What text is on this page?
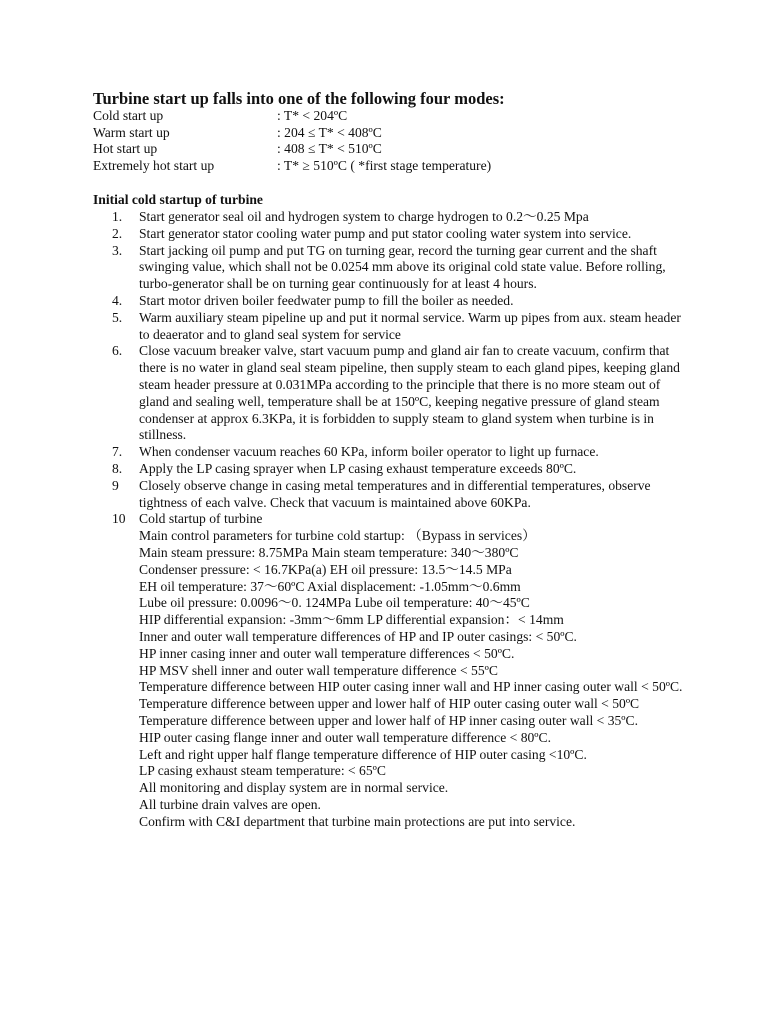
Turbine start up falls into one of the following four modes:
Cold start up	: T* < 204ºC
Warm start up	: 204 ≤ T* < 408ºC
Hot start up	: 408 ≤ T* < 510ºC
Extremely hot start up	: T* ≥ 510ºC ( *first stage temperature)
Initial cold startup of turbine
1. Start generator seal oil and hydrogen system to charge hydrogen to 0.2～0.25 Mpa
2. Start generator stator cooling water pump and put stator cooling water system into service.
3. Start jacking oil pump and put TG on turning gear, record the turning gear current and the shaft swinging value, which shall not be 0.0254 mm above its original cold state value. Before rolling, turbo-generator shall be on turning gear continuously for at least 4 hours.
4. Start motor driven boiler feedwater pump to fill the boiler as needed.
5. Warm auxiliary steam pipeline up and put it normal service. Warm up pipes from aux. steam header to deaerator and to gland seal system for service
6. Close vacuum breaker valve, start vacuum pump and gland air fan to create vacuum, confirm that there is no water in gland seal steam pipeline, then supply steam to each gland pipes, keeping gland steam header pressure at 0.031MPa according to the principle that there is no more steam out of gland and sealing well, temperature shall be at 150ºC, keeping negative pressure of gland steam condenser at approx 6.3KPa, it is forbidden to supply steam to gland system when turbine is in stillness.
7. When condenser vacuum reaches 60 KPa, inform boiler operator to light up furnace.
8. Apply the LP casing sprayer when LP casing exhaust temperature exceeds 80ºC.
9 Closely observe change in casing metal temperatures and in differential temperatures, observe tightness of each valve. Check that vacuum is maintained above 60KPa.
10 Cold startup of turbine
Main control parameters for turbine cold startup: （Bypass in services）
Main steam pressure: 8.75MPa Main steam temperature: 340～380ºC
Condenser pressure: < 16.7KPa(a) EH oil pressure: 13.5～14.5 MPa
EH oil temperature: 37～60ºC Axial displacement: -1.05mm～0.6mm
Lube oil pressure: 0.0096～0. 124MPa Lube oil temperature: 40～45ºC
HIP differential expansion: -3mm～6mm LP differential expansion：< 14mm
Inner and outer wall temperature differences of HP and IP outer casings: < 50ºC.
HP inner casing inner and outer wall temperature differences < 50ºC.
HP MSV shell inner and outer wall temperature difference < 55ºC
Temperature difference between HIP outer casing inner wall and HP inner casing outer wall < 50ºC.
Temperature difference between upper and lower half of HIP outer casing outer wall < 50ºC
Temperature difference between upper and lower half of HP inner casing outer wall < 35ºC.
HIP outer casing flange inner and outer wall temperature difference < 80ºC.
Left and right upper half flange temperature difference of HIP outer casing <10ºC.
LP casing exhaust steam temperature: < 65ºC
All monitoring and display system are in normal service.
All turbine drain valves are open.
Confirm with C&I department that turbine main protections are put into service.
